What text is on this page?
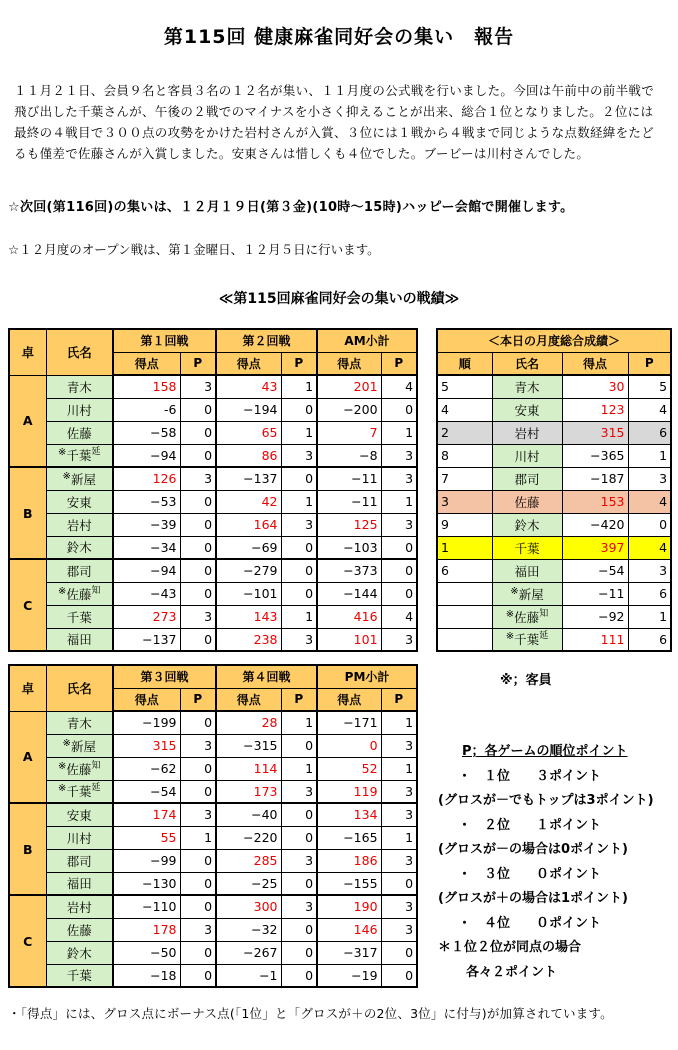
第115回 健康麻雀同好会の集い　報告
１１月２１日、会員９名と客員３名の１２名が集い、１１月度の公式戦を行いました。今回は午前中の前半戦で飛び出した千葉さんが、午後の２戦でのマイナスを小さく抑えることが出来、総合１位となりました。２位には最終の４戦目で３００点の攻勢をかけた岩村さんが入賞、３位には１戦から４戦まで同じような点数経緯をたどるも僅差で佐藤さんが入賞しました。安東さんは惜しくも４位でした。ブービーは川村さんでした。
☆次回(第116回)の集いは、１２月１９日(第３金)(10時〜15時)ハッピー会館で開催します。
☆１２月度のオープン戦は、第１金曜日、１２月５日に行います。
≪第115回麻雀同好会の集いの戦績≫
卓	氏名	第１回戦		第２回戦		AM小計	
		得点	P	得点	P	得点	P
A	青木	158	3	43	1	201	4
	川村	-6	0	−194	0	−200	0
	佐藤	−58	0	65	1	7	1
	※千葉$^延$	−94	0	86	3	−8	3
B	※新屋	126	3	−137	0	−11	3
	安東	−53	0	42	1	−11	1
	岩村	−39	0	164	3	125	3
	鈴木	−34	0	−69	0	−103	0
C	郡司	−94	0	−279	0	−373	0
	※佐藤$^知$	−43	0	−101	0	−144	0
	千葉	273	3	143	1	416	4
	福田	−137	0	238	3	101	3
卓	氏名	第３回戦		第４回戦		PM小計	
		得点	P	得点	P	得点	P
A	青木	−199	0	28	1	−171	1
	※新屋	315	3	−315	0	0	3
	※佐藤$^知$	−62	0	114	1	52	1
	※千葉$^延$	−54	0	173	3	119	3
B	安東	174	3	−40	0	134	3
	川村	55	1	−220	0	−165	1
	郡司	−99	0	285	3	186	3
	福田	−130	0	−25	0	−155	0
C	岩村	−110	0	300	3	190	3
	佐藤	178	3	−32	0	146	3
	鈴木	−50	0	−267	0	−317	0
	千葉	−18	0	−1	0	−19	0
＜本日の月度総合成績＞			
順	氏名	得点	P
5	青木	30	5
4	安東	123	4
2	岩村	315	6
8	川村	−365	1
7	郡司	−187	3
3	佐藤	153	4
9	鈴木	−420	0
1	千葉	397	4
6	福田	−54	3
	※新屋	−11	6
	※佐藤$^知$	−92	1
	※千葉$^延$	111	6
※；客員
P；各ゲームの順位ポイント
・　１位　　３ポイント
(グロスが－でもトップは3ポイント)
・　２位　　１ポイント
(グロスが－の場合は0ポイント)
・　３位　　０ポイント
(グロスが＋の場合は1ポイント)
・　４位　　０ポイント
＊１位２位が同点の場合
各々２ポイント
・「得点」には、グロス点にボーナス点(「1位」と「グロスが＋の2位、3位」に付与)が加算されています。
